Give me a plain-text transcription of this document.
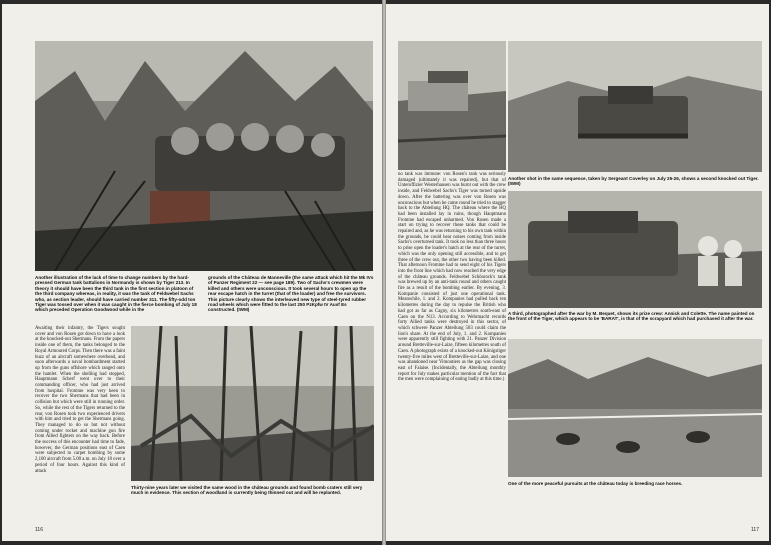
Another illustration of the lack of time to change numbers by the hard-pressed German tank battalions in Normandy is shown by Tiger 213. In theory it should have been the third tank in the first section in platoon of the third company whereas, in reality, it was the tank of Feldwebel Sachs who, as section leader, should have carried number 311. The fifty-odd ton Tiger was tossed over when it was caught in the fierce bombing of July 18 which preceded Operation Goodwood while in the
grounds of the Château de Manneville (the same attack which hit the Mk IVs of Panzer Regiment 22 — see page 189). Two of Sachs's crewmen were killed and others were unconscious. It took several hours to open up the rear escape hatch in the turret (that of the loader) and free the survivors. This picture clearly shows the interleaved new type of steel-tyred rubber road wheels which were fitted to the last 250 PzKpfw IV Ausf Es constructed. (IWM)
Awaiting their infantry, the Tigers sought cover and von Rosen got down to have a look at the knocked-out Shermans. From the papers inside one of them, the tanks belonged to the Royal Armoured Corps. Then there was a faint buzz of an aircraft somewhere overhead, and soon afterwards a naval bombardment started up from the guns offshore which ranged onto the hamlet. When the shelling had stopped, Hauptmann Scherf went over to their commanding officer, who had just arrived from hospital. Fromme was very keen to recover the two Shermans that had been in collision but which were still in running order. So, while the rest of the Tigers returned to the rear, von Rosen took two experienced drivers with him and tried to get the Shermans going. They managed to do so but not without coming under rocket and machine gun fire from Allied fighters on the way back. Before the success of this encounter had time to fade, however, the German positions east of Caen were subjected to carpet bombing by some 2,100 aircraft from 5.00 a.m. on July 18 over a period of four hours. Against this kind of attack
Thirty-nine years later we visited the same wood in the château grounds and found bomb craters still very much in evidence. This section of woodland is currently being thinned out and will be replanted.
116
no tank was immune: von Rosen's tank was seriously damaged (ultimately it was repaired), but that of Unteroffizier Westerhausen was burnt out with the crew inside, and Feldwebel Sachs's Tiger was turned upside down. After the battering was over von Rosen was unconscious but when he came round he tried to stagger back to the Abteilung HQ. The château where the HQ had been installed lay in ruins, though Hauptmann Fromme had escaped unharmed. Von Rosen made a start on trying to recover those tanks that could be repaired and, as he was returning to his own tank within the grounds, he could hear noises coming from inside Sachs's overturned tank. It took no less than three hours to prise open the loader's hatch at the rear of the turret, which was the only opening still accessible, and to get three of the crew out, the other two having been killed. That afternoon Fromme had to send eight of his Tigers into the front line which had now reached the very edge of the château grounds. Feldwebel Schönrock's tank was brewed up by an anti-tank round and others caught fire as a result of the bombing earlier. By evening, 3. Kompanie consisted of just one operational tank. Meanwhile, 1. and 2. Kompanies had pulled back ten kilometres during the day to repulse the British who had got as far as Cagny, six kilometres south-east of Caen on the N13. According to Wehrmacht records forty Allied tanks were destroyed in this sector, of which schwere Panzer Abteilung 503 could claim the lion's share. At the end of July, 1. and 2. Kompanies were apparently still fighting with 21. Panzer Division around Bretteville-sur-Laize, fifteen kilometres south of Caen. A photograph exists of a knocked-out Königstiger twenty-five miles west of Bretteville-sur-Laize, and one was abandoned near Vimoutiers as the gap was closing east of Falaise. (Incidentally, the Abteilung monthly report for July makes particular mention of the fact that the men were complaining of eating badly at this time.)
Another shot in the same sequence, taken by Sergeant Coverley on July 25-26, shows a second knocked out Tiger. (IWM)
A third, photographed after the war by M. Bequet, shows its prize crew: Annick and Colette. The name painted on the front of the Tiger, which appears to be 'BARAT', is that of the scrapyard which had purchased it after the war.
One of the more peaceful pursuits at the château today is breeding race horses.
117
